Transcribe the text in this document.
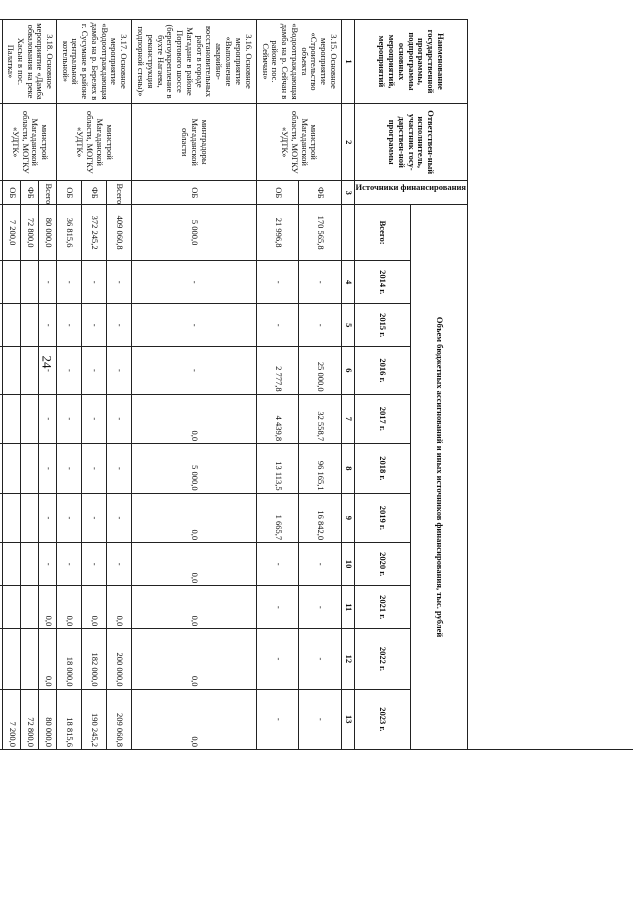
24
Наименование государственной программы, подпрограммы основных мероприятий, мероприятий	Ответствен-ный исполнитель, участник госу-дарствен-ной программы	Источники финансирования	Объем бюджетных ассигнований и иных источников финансирования, тыс. рублей										
			Всего:	2014 г.	2015 г.	2016 г.	2017 г.	2018 г.	2019 г.	2020 г.	2021 г.	2022 г.	2023 г.
1	2	3		4	5	6	7	8	9	10	11	12	13
3.15. Основное мероприятие «Строительство объекта «Водоотграждающая дамба на р. Сейчан в районе пос. Сеймчан»	минстрой Магаданской области, МОГКУ «УДТК»	ФБ	170 565,8	-	-	25 000,0	32 558,7	96 165,1	16 842,0	-	-	-	-
		ОБ	21 996,8	-	-	2 777,8	4 439,8	13 113,5	1 665,7	-	-	-	-
3.16. Основное мероприятие «Выполнение аварийно-восстановительных работ в городе Магадане в районе Портового шоссе (берегоукрепление в бухте Нагаева, реконструкция подпорной стены)»	минтрадоры Магаданской области	ОБ	5 000,0	-	-	-	0,0	5 000,0	0,0	0,0	0,0	0,0	0,0
3.17. Основное мероприятие «Водоотграждающая дамба на р. Берелех в г. Сусумане в районе центральной котельной»	минстрой Магаданской области, МОГКУ «УДТК»	Всего	409 060,8	-	-	-	-	-	-	-	0,0	200 000,0	209 060,8
		ФБ	372 245,2	-	-	-	-	-	-	-	0,0	182 000,0	190 245,2
		ОБ	36 815,6	-	-	-	-	-	-	-	0,0	18 000,0	18 815,6
3.18. Основное мероприятие «Дамба обвалования на реке Хасын в пос. Палатка»	минстрой Магаданской области, МОГКУ «УДТК»	Всего	80 000,0	-	-	-	-	-	-	-	0,0	0,0	80 000,0
		ФБ	72 800,0										72 800,0
		ОБ	7 200,0										7 200,0
